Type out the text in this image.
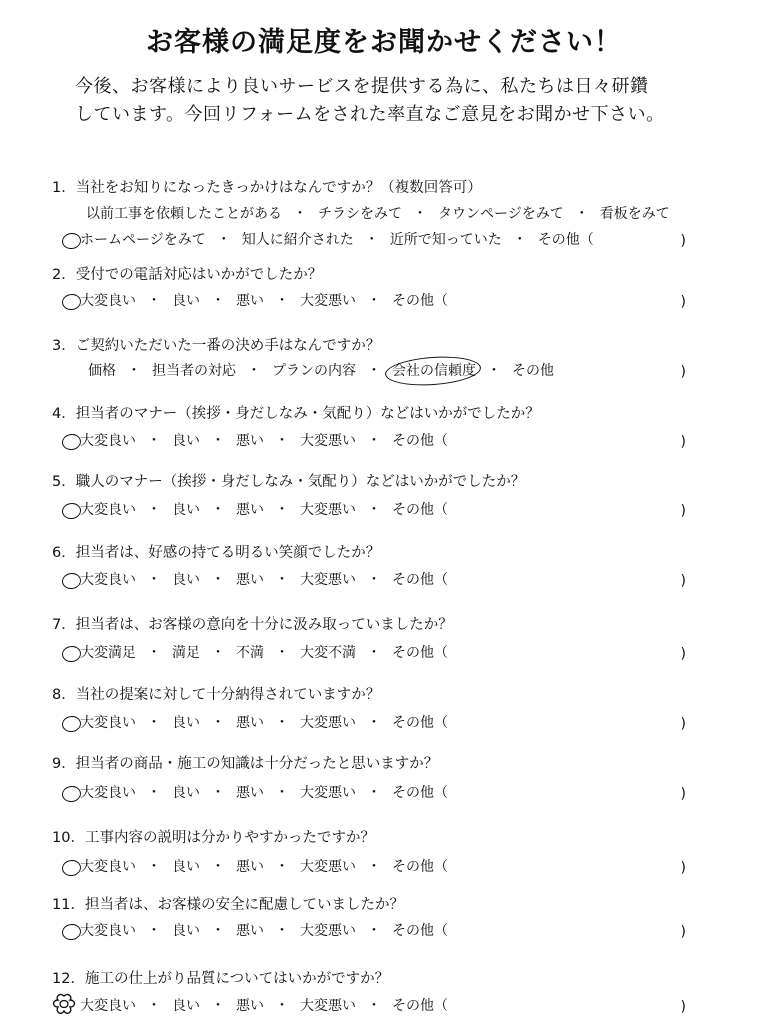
お客様の満足度をお聞かせください！
今後、お客様により良いサービスを提供する為に、私たちは日々研鑽
しています。今回リフォームをされた率直なご意見をお聞かせ下さい。
1．当社をお知りになったきっかけはなんですか？（複数回答可）
以前工事を依頼したことがある ・ チラシをみて ・ タウンページをみて ・ 看板をみて
ホームページをみて ・ 知人に紹介された ・ 近所で知っていた ・ その他（	)
2．受付での電話対応はいかがでしたか？
大変良い ・ 良い ・ 悪い ・ 大変悪い ・ その他（	)
3．ご契約いただいた一番の決め手はなんですか？
価格 ・ 担当者の対応 ・ プランの内容 ・ 会社の信頼度 ・ その他	)
4．担当者のマナー（挨拶・身だしなみ・気配り）などはいかがでしたか？
大変良い ・ 良い ・ 悪い ・ 大変悪い ・ その他（	)
5．職人のマナー（挨拶・身だしなみ・気配り）などはいかがでしたか？
大変良い ・ 良い ・ 悪い ・ 大変悪い ・ その他（	)
6．担当者は、好感の持てる明るい笑顔でしたか？
大変良い ・ 良い ・ 悪い ・ 大変悪い ・ その他（	)
7．担当者は、お客様の意向を十分に汲み取っていましたか？
大変満足 ・ 満足 ・ 不満 ・ 大変不満 ・ その他（	)
8．当社の提案に対して十分納得されていますか？
大変良い ・ 良い ・ 悪い ・ 大変悪い ・ その他（	)
9．担当者の商品・施工の知識は十分だったと思いますか？
大変良い ・ 良い ・ 悪い ・ 大変悪い ・ その他（	)
10．工事内容の説明は分かりやすかったですか？
大変良い ・ 良い ・ 悪い ・ 大変悪い ・ その他（	)
11．担当者は、お客様の安全に配慮していましたか？
大変良い ・ 良い ・ 悪い ・ 大変悪い ・ その他（	)
12．施工の仕上がり品質についてはいかがですか？
大変良い ・ 良い ・ 悪い ・ 大変悪い ・ その他（	)
